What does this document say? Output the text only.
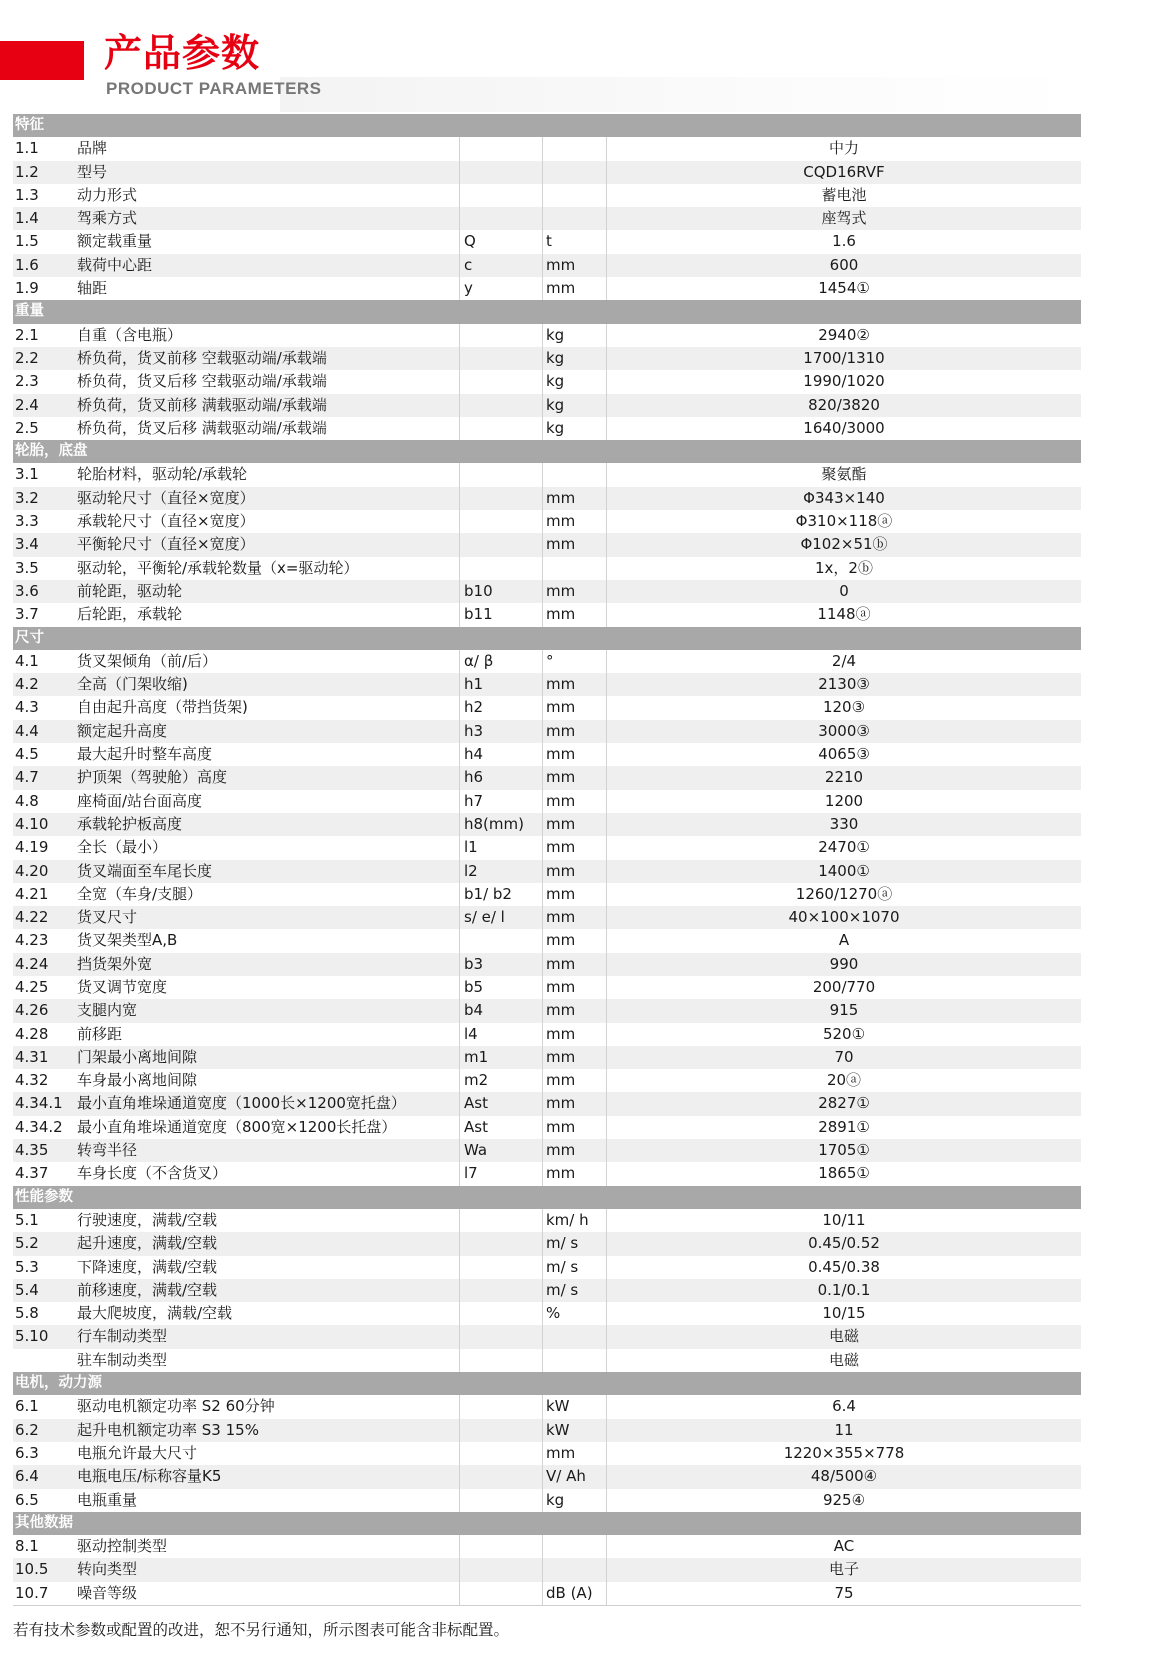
产品参数
PRODUCT PARAMETERS
特征
1.1	品牌	中力
1.2	型号	CQD16RVF
1.3	动力形式	蓄电池
1.4	驾乘方式	座驾式
1.5	额定载重量	Q	t	1.6
1.6	载荷中心距	c	mm	600
1.9	轴距	y	mm	1454①
重量
2.1	自重（含电瓶）	kg	2940②
2.2	桥负荷，货叉前移 空载驱动端/承载端	kg	1700/1310
2.3	桥负荷，货叉后移 空载驱动端/承载端	kg	1990/1020
2.4	桥负荷，货叉前移 满载驱动端/承载端	kg	820/3820
2.5	桥负荷，货叉后移 满载驱动端/承载端	kg	1640/3000
轮胎，底盘
3.1	轮胎材料，驱动轮/承载轮	聚氨酯
3.2	驱动轮尺寸（直径×宽度）	mm	Φ343×140
3.3	承载轮尺寸（直径×宽度）	mm	Φ310×118ⓐ
3.4	平衡轮尺寸（直径×宽度）	mm	Φ102×51ⓑ
3.5	驱动轮，平衡轮/承载轮数量（x=驱动轮）	1x，2ⓑ
3.6	前轮距，驱动轮	b10	mm	0
3.7	后轮距，承载轮	b11	mm	1148ⓐ
尺寸
4.1	货叉架倾角（前/后）	α/ β	°	2/4
4.2	全高（门架收缩)	h1	mm	2130③
4.3	自由起升高度（带挡货架)	h2	mm	120③
4.4	额定起升高度	h3	mm	3000③
4.5	最大起升时整车高度	h4	mm	4065③
4.7	护顶架（驾驶舱）高度	h6	mm	2210
4.8	座椅面/站台面高度	h7	mm	1200
4.10	承载轮护板高度	h8(mm)	mm	330
4.19	全长（最小）	l1	mm	2470①
4.20	货叉端面至车尾长度	l2	mm	1400①
4.21	全宽（车身/支腿）	b1/ b2	mm	1260/1270ⓐ
4.22	货叉尺寸	s/ e/ l	mm	40×100×1070
4.23	货叉架类型A,B	mm	A
4.24	挡货架外宽	b3	mm	990
4.25	货叉调节宽度	b5	mm	200/770
4.26	支腿内宽	b4	mm	915
4.28	前移距	l4	mm	520①
4.31	门架最小离地间隙	m1	mm	70
4.32	车身最小离地间隙	m2	mm	20ⓐ
4.34.1 最小直角堆垛通道宽度（1000长×1200宽托盘）	Ast	mm	2827①
4.34.2 最小直角堆垛通道宽度（800宽×1200长托盘）	Ast	mm	2891①
4.35	转弯半径	Wa	mm	1705①
4.37	车身长度（不含货叉）	l7	mm	1865①
性能参数
5.1	行驶速度，满载/空载	km/ h	10/11
5.2	起升速度，满载/空载	m/ s	0.45/0.52
5.3	下降速度，满载/空载	m/ s	0.45/0.38
5.4	前移速度，满载/空载	m/ s	0.1/0.1
5.8	最大爬坡度，满载/空载	%	10/15
5.10	行车制动类型	电磁
驻车制动类型	电磁
电机，动力源
6.1	驱动电机额定功率 S2 60分钟	kW	6.4
6.2	起升电机额定功率 S3 15%	kW	11
6.3	电瓶允许最大尺寸	mm	1220×355×778
6.4	电瓶电压/标称容量K5	V/ Ah	48/500④
6.5	电瓶重量	kg	925④
其他数据
8.1	驱动控制类型	AC
10.5	转向类型	电子
10.7	噪音等级	dB (A)	75
若有技术参数或配置的改进，恕不另行通知，所示图表可能含非标配置。
